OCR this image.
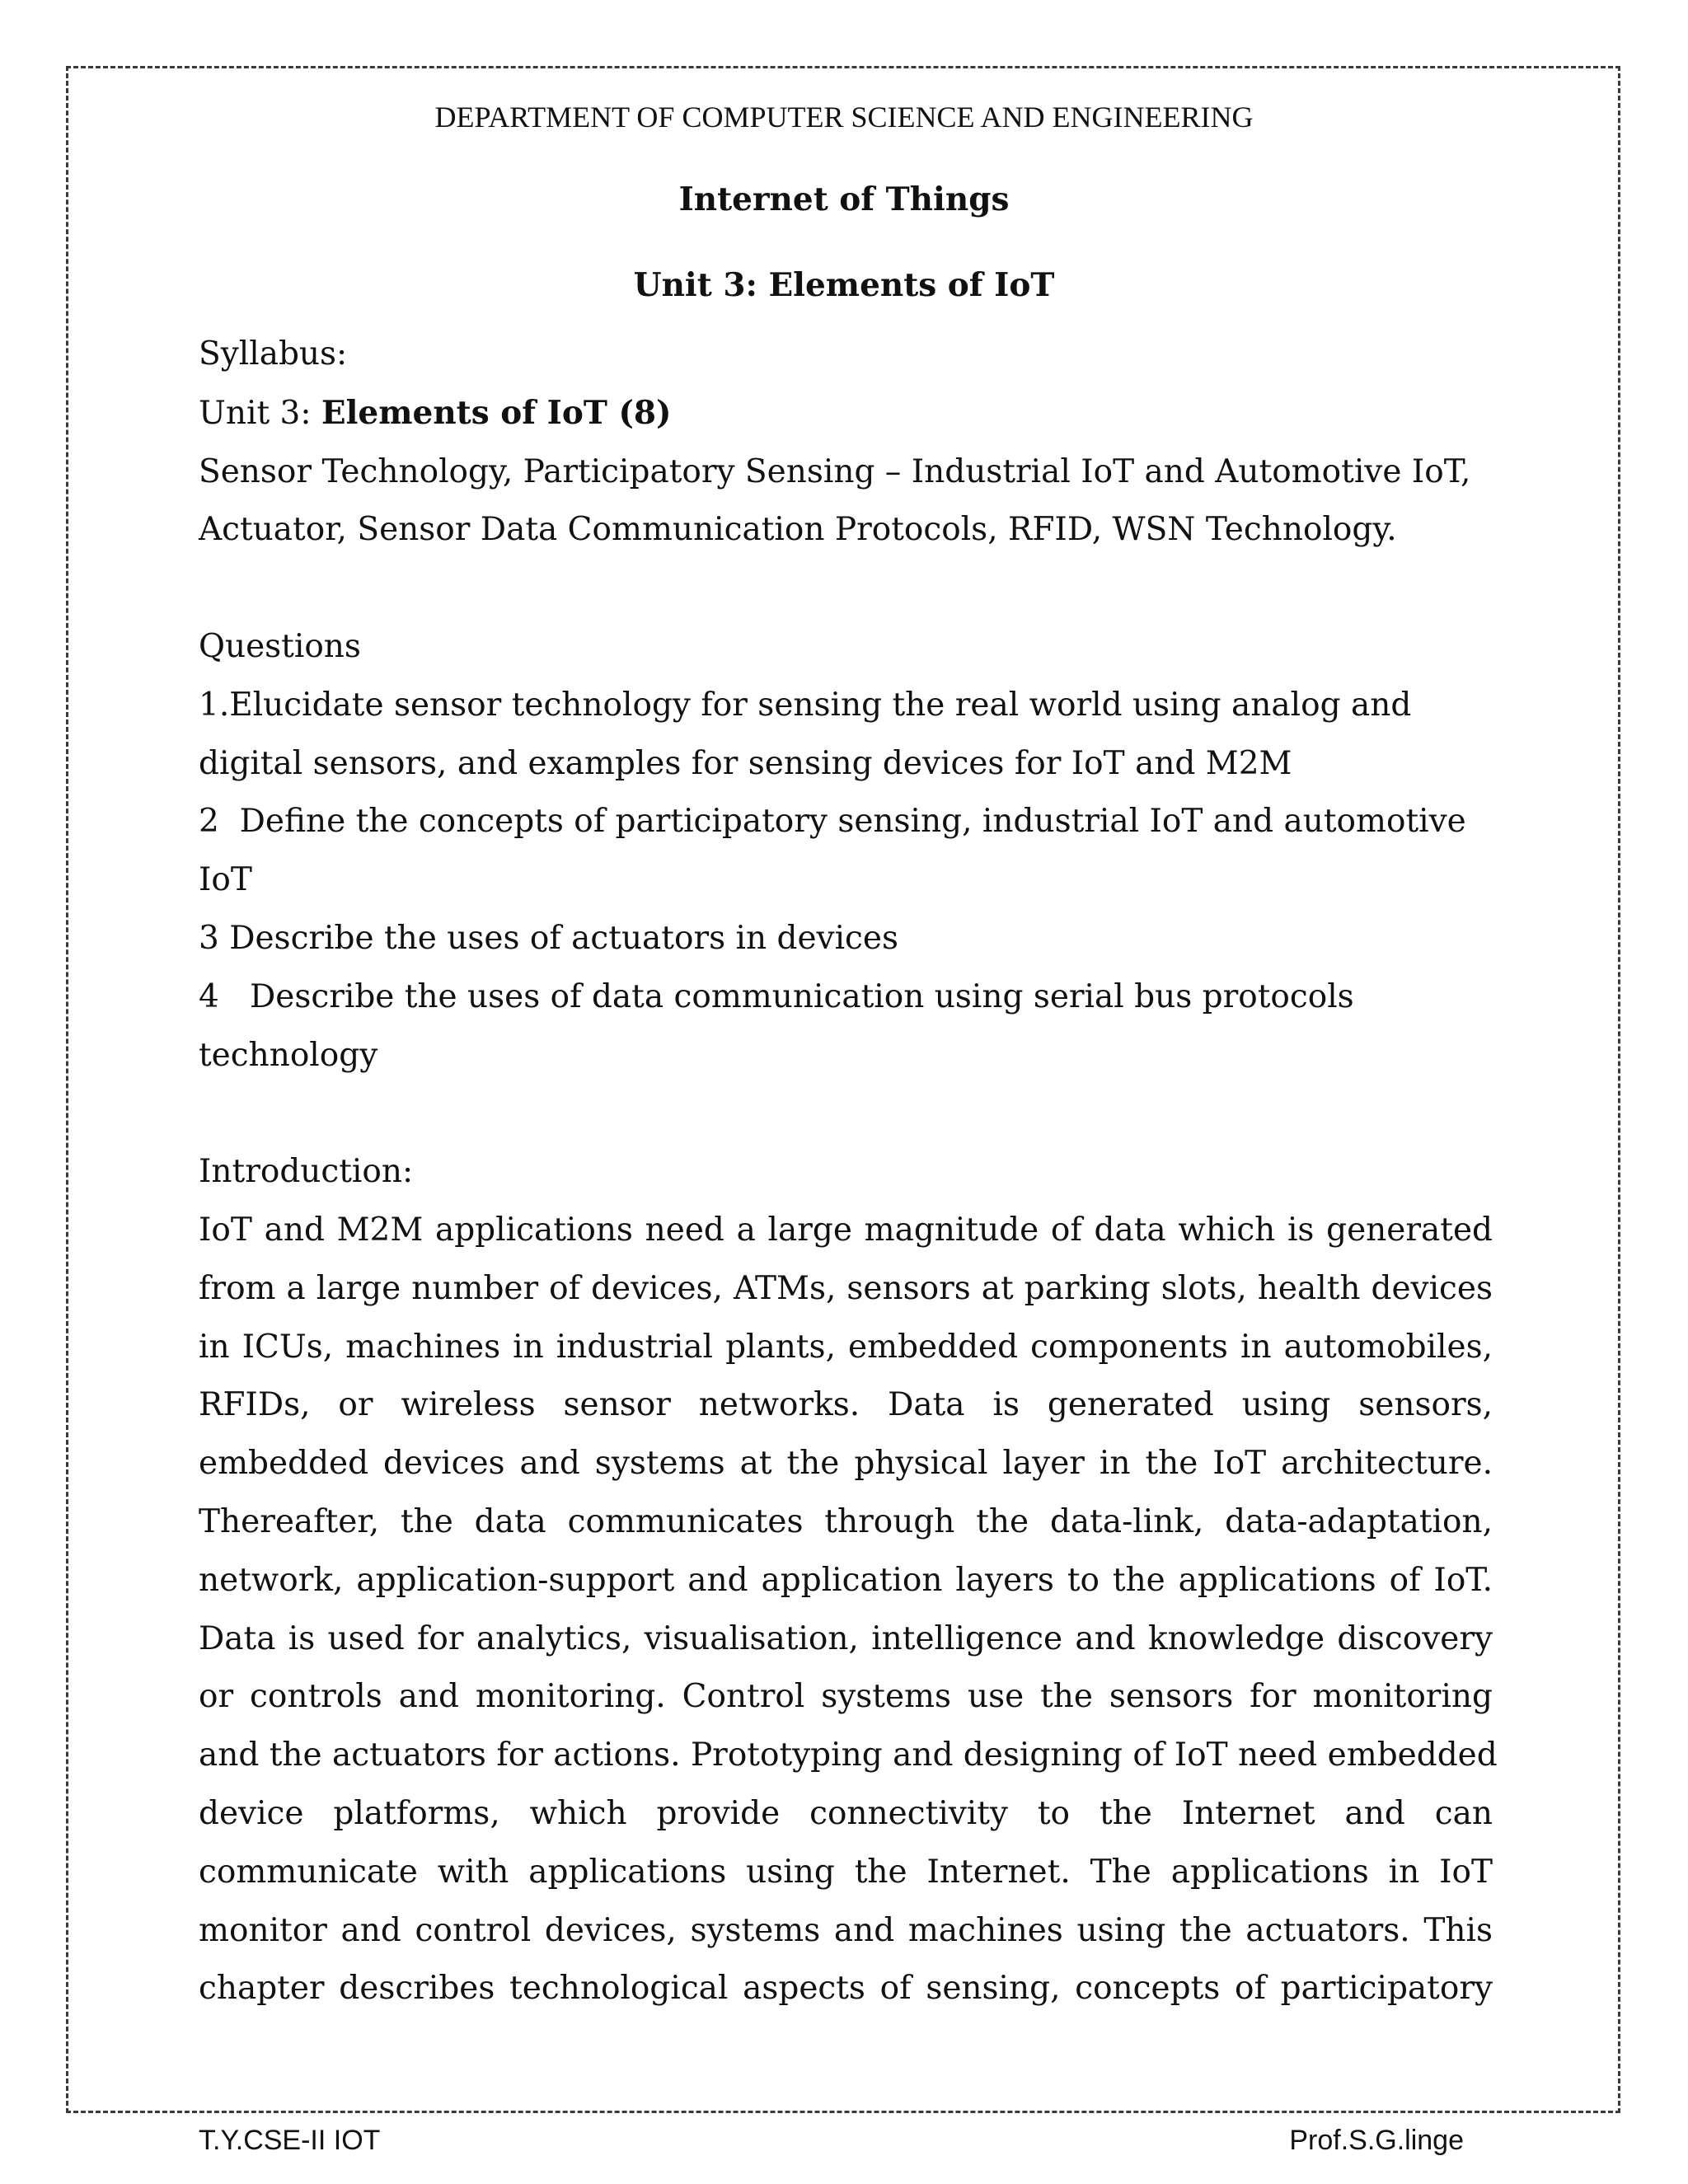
DEPARTMENT OF COMPUTER SCIENCE AND ENGINEERING
Internet of Things
Unit 3: Elements of IoT
Syllabus:
Unit 3: Elements of IoT (8)
Sensor Technology, Participatory Sensing – Industrial IoT and Automotive IoT,
Actuator, Sensor Data Communication Protocols, RFID, WSN Technology.
Questions
1.Elucidate sensor technology for sensing the real world using analog and
digital sensors, and examples for sensing devices for IoT and M2M
2  Define the concepts of participatory sensing, industrial IoT and automotive
IoT
3 Describe the uses of actuators in devices
4   Describe the uses of data communication using serial bus protocols
technology
Introduction:
IoT and M2M applications need a large magnitude of data which is generated
from a large number of devices, ATMs, sensors at parking slots, health devices
in ICUs, machines in industrial plants, embedded components in automobiles,
RFIDs, or wireless sensor networks. Data is generated using sensors,
embedded devices and systems at the physical layer in the IoT architecture.
Thereafter, the data communicates through the data-link, data-adaptation,
network, application-support and application layers to the applications of IoT.
Data is used for analytics, visualisation, intelligence and knowledge discovery
or controls and monitoring. Control systems use the sensors for monitoring
and the actuators for actions. Prototyping and designing of IoT need embedded
device platforms, which provide connectivity to the Internet and can
communicate with applications using the Internet. The applications in IoT
monitor and control devices, systems and machines using the actuators. This
chapter describes technological aspects of sensing, concepts of participatory
T.Y.CSE-II IOT	Prof.S.G.linge
